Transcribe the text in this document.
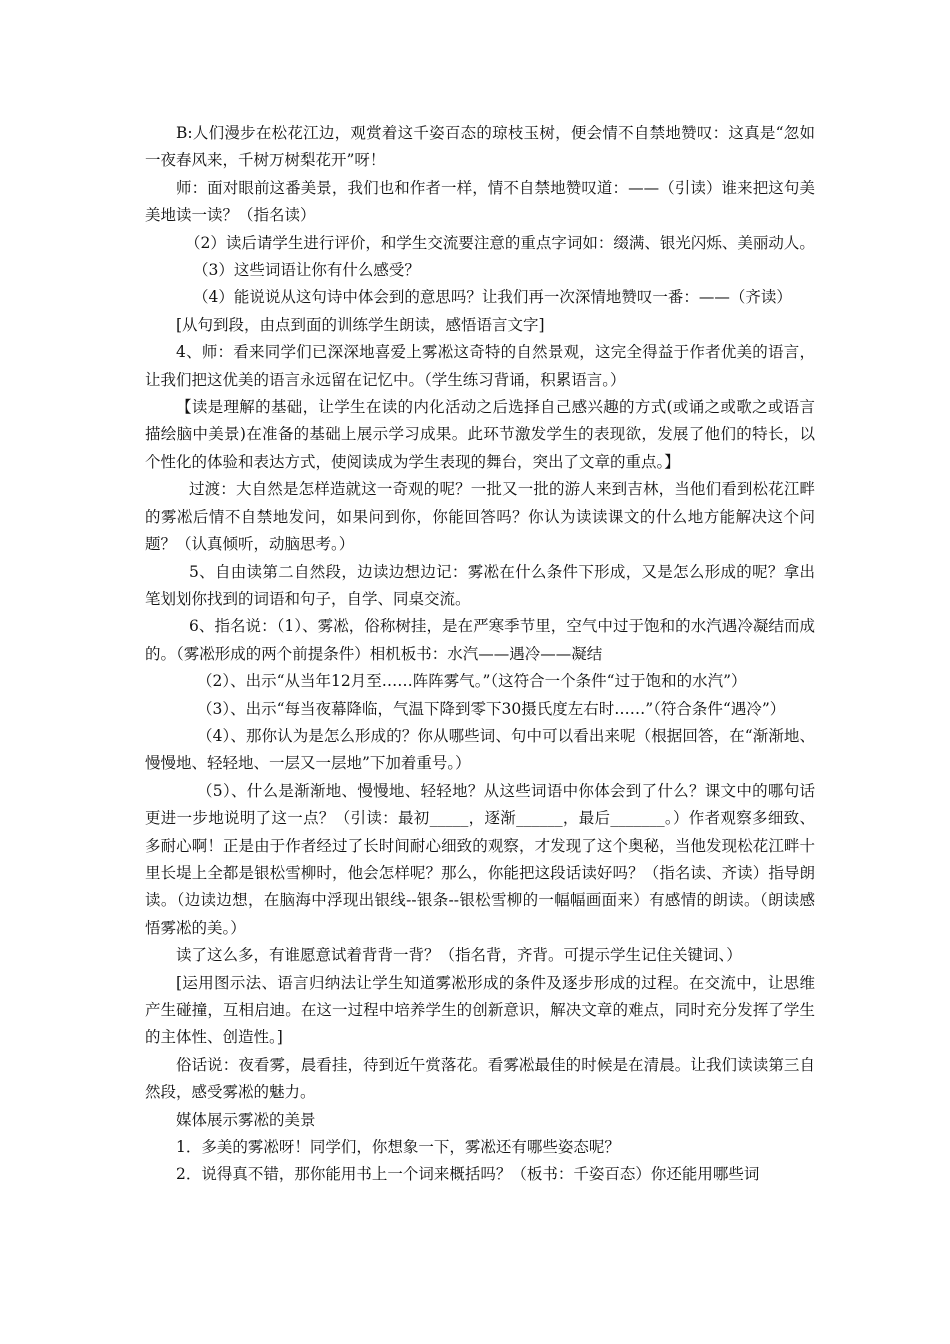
B:人们漫步在松花江边，观赏着这千姿百态的琼枝玉树，便会情不自禁地赞叹：这真是“忽如一夜春风来，千树万树梨花开”呀！

师：面对眼前这番美景，我们也和作者一样，情不自禁地赞叹道：——（引读）谁来把这句美美地读一读？（指名读）

（2）读后请学生进行评价，和学生交流要注意的重点字词如：缀满、银光闪烁、美丽动人。

（3）这些词语让你有什么感受？

（4）能说说从这句诗中体会到的意思吗？让我们再一次深情地赞叹一番：——（齐读）

[从句到段，由点到面的训练学生朗读，感悟语言文字]

4、师：看来同学们已深深地喜爱上雾凇这奇特的自然景观，这完全得益于作者优美的语言，让我们把这优美的语言永远留在记忆中。（学生练习背诵，积累语言。）

【读是理解的基础，让学生在读的内化活动之后选择自己感兴趣的方式(或诵之或歌之或语言描绘脑中美景)在准备的基础上展示学习成果。此环节激发学生的表现欲，发展了他们的特长，以个性化的体验和表达方式，使阅读成为学生表现的舞台，突出了文章的重点。】

过渡：大自然是怎样造就这一奇观的呢？一批又一批的游人来到吉林，当他们看到松花江畔的雾凇后情不自禁地发问，如果问到你，你能回答吗？你认为读读课文的什么地方能解决这个问题？（认真倾听，动脑思考。）

5、自由读第二自然段，边读边想边记：雾凇在什么条件下形成，又是怎么形成的呢？拿出笔划划你找到的词语和句子，自学、同桌交流。

6、指名说：（1）、雾凇，俗称树挂，是在严寒季节里，空气中过于饱和的水汽遇冷凝结而成的。（雾凇形成的两个前提条件）相机板书：水汽——遇冷——凝结

（2）、出示“从当年12月至……阵阵雾气。”（这符合一个条件“过于饱和的水汽”）

（3）、出示“每当夜幕降临，气温下降到零下30摄氏度左右时……”（符合条件“遇冷”）

（4）、那你认为是怎么形成的？你从哪些词、句中可以看出来呢（根据回答，在“渐渐地、慢慢地、轻轻地、一层又一层地”下加着重号。）

（5）、什么是渐渐地、慢慢地、轻轻地？从这些词语中你体会到了什么？课文中的哪句话更进一步地说明了这一点？（引读：最初_____，逐渐______，最后_______。）作者观察多细致、多耐心啊！正是由于作者经过了长时间耐心细致的观察，才发现了这个奥秘，当他发现松花江畔十里长堤上全都是银松雪柳时，他会怎样呢？那么，你能把这段话读好吗？（指名读、齐读）指导朗读。（边读边想，在脑海中浮现出银线--银条--银松雪柳的一幅幅画面来）有感情的朗读。（朗读感悟雾凇的美。）

读了这么多，有谁愿意试着背背一背？（指名背，齐背。可提示学生记住关键词、）

[运用图示法、语言归纳法让学生知道雾凇形成的条件及逐步形成的过程。在交流中，让思维产生碰撞，互相启迪。在这一过程中培养学生的创新意识，解决文章的难点，同时充分发挥了学生的主体性、创造性。]

俗话说：夜看雾，晨看挂，待到近午赏落花。看雾凇最佳的时候是在清晨。让我们读读第三自然段，感受雾凇的魅力。

媒体展示雾凇的美景

1．多美的雾凇呀！同学们，你想象一下，雾凇还有哪些姿态呢？

2．说得真不错，那你能用书上一个词来概括吗？（板书：千姿百态）你还能用哪些词
